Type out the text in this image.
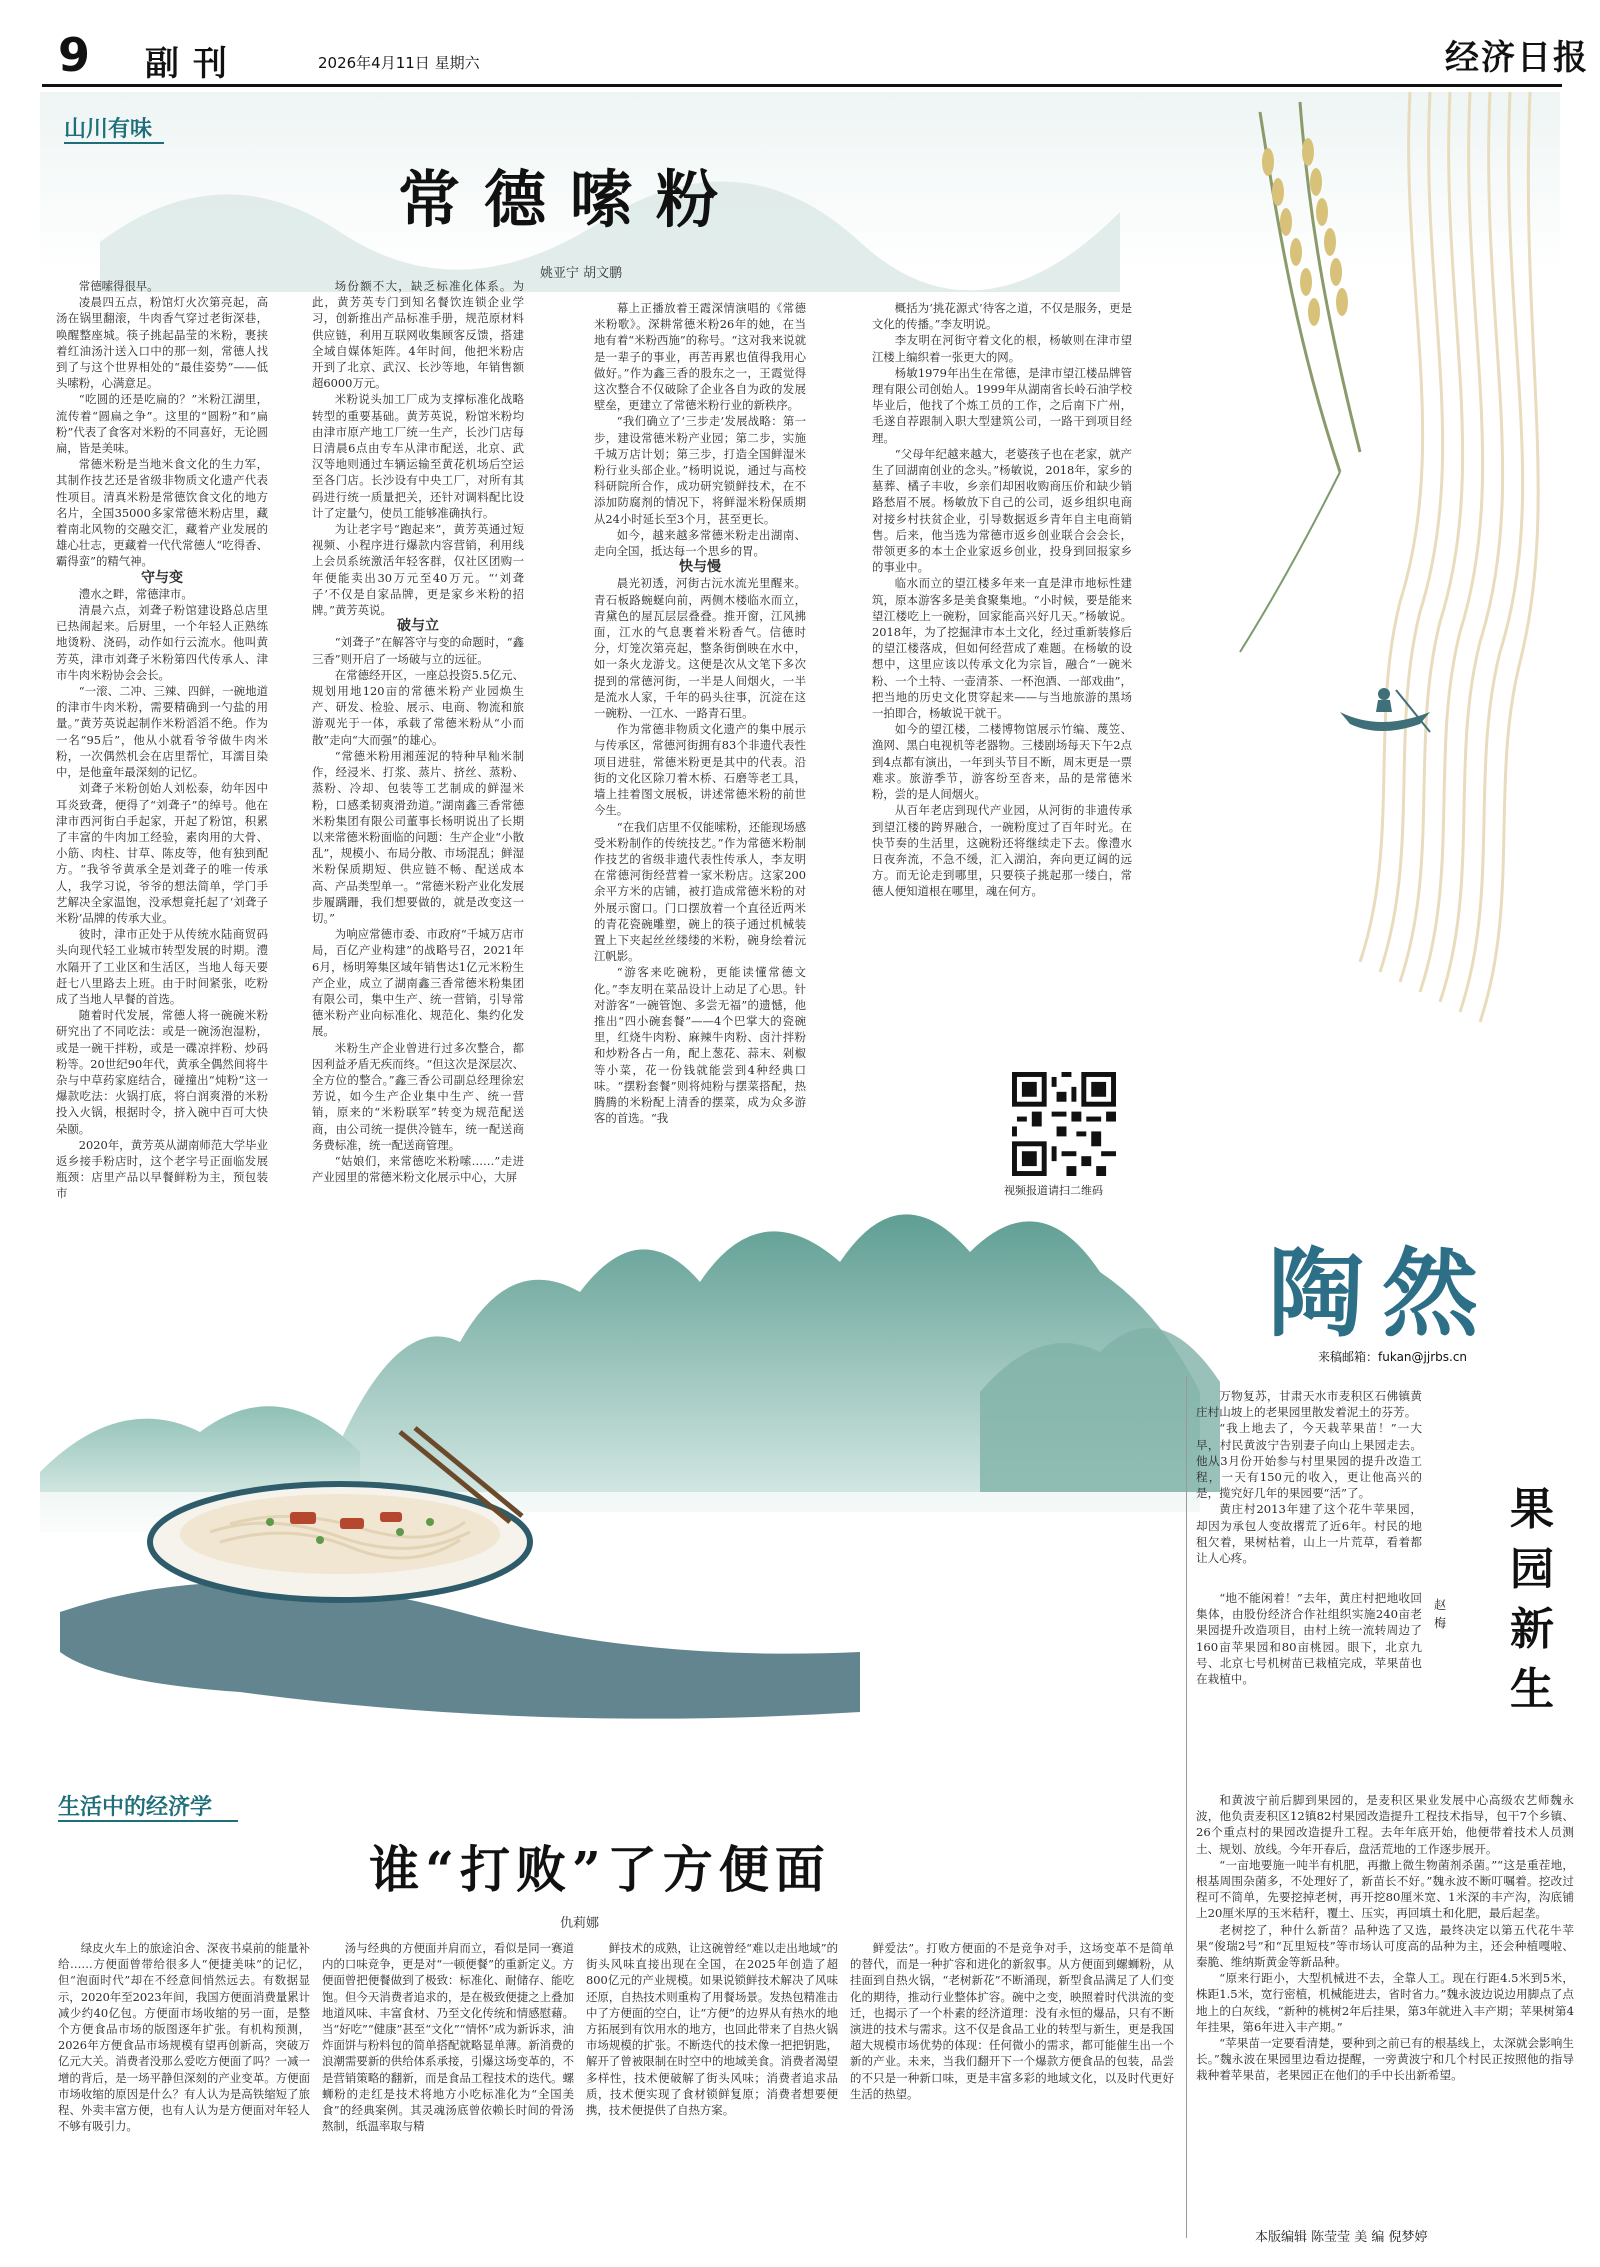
9 副刊	2026年4月11日 星期六	经济日报
山川有味
常德嗦粉
姚亚宁 胡文鹏

常德嗦得很早。

凌晨四五点，粉馆灯火次第亮起，高汤在锅里翻滚，牛肉香气穿过老街深巷，唤醒整座城。筷子挑起晶莹的米粉，裹挟着红油汤汁送入口中的那一刻，常德人找到了与这个世界相处的“最佳姿势”——低头嗦粉，心满意足。

“吃圆的还是吃扁的？”米粉江湖里，流传着“圆扁之争”。这里的“圆粉”和“扁粉”代表了食客对米粉的不同喜好，无论圆扁，皆是美味。

常德米粉是当地米食文化的生力军，其制作技艺还是省级非物质文化遗产代表性项目。清真米粉是常德饮食文化的地方名片，全国35000多家常德米粉店里，藏着南北风物的交融交汇，藏着产业发展的雄心壮志，更藏着一代代常德人“吃得香、霸得蛮”的精气神。

守与变

澧水之畔，常德津市。

清晨六点，刘聋子粉馆建设路总店里已热闹起来。后厨里，一个年轻人正熟练地烫粉、浇码，动作如行云流水。他叫黄芳英，津市刘聋子米粉第四代传承人、津市牛肉米粉协会会长。

“一滚、二冲、三辣、四鲜，一碗地道的津市牛肉米粉，需要精确到一勺盐的用量。”黄芳英说起制作米粉滔滔不绝。作为一名“95后”，他从小就看爷爷做牛肉米粉，一次偶然机会在店里帮忙，耳濡目染中，是他童年最深刻的记忆。

刘聋子米粉创始人刘松泰，幼年因中耳炎致聋，便得了“刘聋子”的绰号。他在津市西河街白手起家，开起了粉馆，积累了丰富的牛肉加工经验，素肉用的大骨、小筋、肉柱、甘草、陈皮等，他有独到配方。“我爷爷黄承全是刘聋子的唯一传承人，我学习说，爷爷的想法简单，学门手艺解决全家温饱，没承想竟托起了‘刘聋子米粉’品牌的传承大业。

彼时，津市正处于从传统水陆商贸码头向现代轻工业城市转型发展的时期。澧水隔开了工业区和生活区，当地人每天要赶七八里路去上班。由于时间紧张，吃粉成了当地人早餐的首选。

随着时代发展，常德人将一碗碗米粉研究出了不同吃法：或是一碗汤泡湿粉，或是一碗干拌粉，或是一碟凉拌粉、炒码粉等。20世纪90年代，黄承全偶然间将牛杂与中草药家庭结合，碰撞出“炖粉”这一爆款吃法：火锅打底，将白润爽滑的米粉投入火锅，根据时令，挤入碗中百可大快朵颐。

2020年，黄芳英从湖南师范大学毕业返乡接手粉店时，这个老字号正面临发展瓶颈：店里产品以早餐鲜粉为主，预包装市

场份额不大，缺乏标准化体系。为此，黄芳英专门到知名餐饮连锁企业学习，创新推出产品标准手册，规范原材料供应链，利用互联网收集顾客反馈，搭建全域自媒体矩阵。4年时间，他把米粉店开到了北京、武汉、长沙等地，年销售额超6000万元。

米粉说头加工厂成为支撑标准化战略转型的重要基础。黄芳英说，粉馆米粉均由津市原产地工厂统一生产，长沙门店每日清晨6点由专车从津市配送，北京、武汉等地则通过车辆运输至黄花机场后空运至各门店。长沙设有中央工厂，对所有其码进行统一质量把关，还针对调料配比设计了定量勺，使员工能够准确执行。

为让老字号“跑起来”，黄芳英通过短视频、小程序进行爆款内容营销，利用线上会员系统激活年轻客群，仅社区团购一年便能卖出30万元至40万元。“‘刘聋子’不仅是自家品牌，更是家乡米粉的招牌。”黄芳英说。

破与立

“刘聋子”在解答守与变的命题时，“鑫三香”则开启了一场破与立的远征。

在常德经开区，一座总投资5.5亿元、规划用地120亩的常德米粉产业园焕生产、研发、检验、展示、电商、物流和旅游观光于一体，承载了常德米粉从“小而散”走向“大而强”的雄心。

“常德米粉用湘莲泥的特种早籼米制作，经浸米、打浆、蒸片、挤丝、蒸粉、蒸粉、冷却、包装等工艺制成的鲜湿米粉，口感柔韧爽滑劲道。”湖南鑫三香常德米粉集团有限公司董事长杨明说出了长期以来常德米粉面临的问题：生产企业“小散乱”，规模小、布局分散、市场混乱；鲜湿米粉保质期短、供应链不畅、配送成本高、产品类型单一。“常德米粉产业化发展步履蹒跚，我们想要做的，就是改变这一切。”

为响应常德市委、市政府“千城万店市局，百亿产业构建”的战略号召，2021年6月，杨明筹集区域年销售达1亿元米粉生产企业，成立了湖南鑫三香常德米粉集团有限公司，集中生产、统一营销，引导常德米粉产业向标准化、规范化、集约化发展。

米粉生产企业曾进行过多次整合，都因利益矛盾无疾而终。“但这次是深层次、全方位的整合。”鑫三香公司副总经理徐宏芳说，如今生产企业集中生产、统一营销，原来的“米粉联军”转变为规范配送商，由公司统一提供冷链车，统一配送商务费标准，统一配送商管理。

“姑娘们，来常德吃米粉嗦……”走进产业园里的常德米粉文化展示中心，大屏

幕上正播放着王霞深情演唱的《常德米粉歌》。深耕常德米粉26年的她，在当地有着“米粉西施”的称号。“这对我来说就是一辈子的事业，再苦再累也值得我用心做好。”作为鑫三香的股东之一，王霞觉得这次整合不仅破除了企业各自为政的发展壁垒，更建立了常德米粉行业的新秩序。

“我们确立了‘三步走’发展战略：第一步，建设常德米粉产业园；第二步，实施千城万店计划；第三步，打造全国鲜湿米粉行业头部企业。”杨明说说，通过与高校科研院所合作，成功研究锁鲜技术，在不添加防腐剂的情况下，将鲜湿米粉保质期从24小时延长至3个月，甚至更长。

如今，越来越多常德米粉走出湖南、走向全国，抵达每一个思乡的胃。

快与慢

晨光初透，河街古沅水流光里醒来。青石板路蜿蜒向前，两侧木楼临水而立，青黛色的屋瓦层层叠叠。推开窗，江风拂面，江水的气息裹着米粉香气。信德时分，灯笼次第亮起，整条街倒映在水中，如一条火龙游戈。这便是次从文笔下多次提到的常德河街，一半是人间烟火，一半是流水人家，千年的码头往事，沉淀在这一碗粉、一江水、一路青石里。

作为常德非物质文化遗产的集中展示与传承区，常德河街拥有83个非遗代表性项目进驻，常德米粉更是其中的代表。沿街的文化区除刀着木桥、石磨等老工具，墙上挂着图文展板，讲述常德米粉的前世今生。

“在我们店里不仅能嗦粉，还能现场感受米粉制作的传统技艺。”作为常德米粉制作技艺的省级非遗代表性传承人，李友明在常德河街经营着一家米粉店。这家200余平方米的店铺，被打造成常德米粉的对外展示窗口。门口摆放着一个直径近两米的青花瓷碗雕塑，碗上的筷子通过机械装置上下夹起丝丝缕缕的米粉，碗身绘着沅江帆影。

“游客来吃碗粉，更能读懂常德文化。”李友明在菜品设计上动足了心思。针对游客“一碗管饱、多尝无福”的遗憾，他推出“四小碗套餐”——4个巴掌大的瓷碗里，红烧牛肉粉、麻辣牛肉粉、卤汁拌粉和炒粉各占一角，配上葱花、蒜末、剁椒等小菜，花一份钱就能尝到4种经典口味。“摆粉套餐”则将炖粉与摆菜搭配，热腾腾的米粉配上清香的摆菜，成为众多游客的首选。“我

概括为‘挑花源式’待客之道，不仅是服务，更是文化的传播。”李友明说。

李友明在河街守着文化的根，杨敏则在津市望江楼上编织着一张更大的网。

杨敏1979年出生在常德，是津市望江楼品牌管理有限公司创始人。1999年从湖南省长岭石油学校毕业后，他找了个炼工员的工作，之后南下广州，毛遂自荐跟制入职大型建筑公司，一路干到项目经理。

“父母年纪越来越大，老婆孩子也在老家，就产生了回湖南创业的念头。”杨敏说，2018年，家乡的墓葬、橘子丰收，乡亲们却困收购商压价和缺少销路愁眉不展。杨敏放下自己的公司，返乡组织电商对接乡村扶贫企业，引导数据返乡青年自主电商销售。后来，他当选为常德市返乡创业联合会会长，带领更多的本土企业家返乡创业，投身到回报家乡的事业中。

临水而立的望江楼多年来一直是津市地标性建筑，原本游客多是美食聚集地。“小时候，要是能来望江楼吃上一碗粉，回家能高兴好几天。”杨敏说。2018年，为了挖掘津市本土文化，经过重新装修后的望江楼落成，但如何经营成了难题。在杨敏的设想中，这里应该以传承文化为宗旨，融合“一碗米粉、一个土特、一壶清茶、一杯泡酒、一部戏曲”，把当地的历史文化贯穿起来——与当地旅游的黑场一拍即合，杨敏说干就干。

如今的望江楼，二楼博物馆展示竹编、蔑笠、渔网、黑白电视机等老器物。三楼剧场每天下午2点到4点都有演出，一年到头节目不断，周末更是一票难求。旅游季节，游客纷至沓来，品的是常德米粉，尝的是人间烟火。

从百年老店到现代产业园，从河街的非遗传承到望江楼的跨界融合，一碗粉度过了百年时光。在快节奏的生活里，这碗粉还将继续走下去。像澧水日夜奔流，不急不缓，汇入湖泊，奔向更辽阔的远方。而无论走到哪里，只要筷子挑起那一缕白，常德人便知道根在哪里，魂在何方。

视频报道请扫二维码
陶然
来稿邮箱：fukan@jjrbs.cn
果园新生
赵梅

万物复苏，甘肃天水市麦积区石佛镇黄庄村山坡上的老果园里散发着泥土的芬芳。

“我上地去了，今天栽苹果苗！”一大早，村民黄波宁告别妻子向山上果园走去。他从3月份开始参与村里果园的提升改造工程，一天有150元的收入，更让他高兴的是，揽究好几年的果园要“活”了。

黄庄村2013年建了这个花牛苹果园，却因为承包人变故撂荒了近6年。村民的地租欠着，果树枯着，山上一片荒草，看着都让人心疼。

“地不能闲着！”去年，黄庄村把地收回集体，由股份经济合作社组织实施240亩老果园提升改造项目，由村上统一流转周边了160亩苹果园和80亩桃园。眼下，北京九号、北京七号机树苗已栽植完成，苹果苗也在栽植中。

和黄波宁前后脚到果园的，是麦积区果业发展中心高级农艺师魏永波，他负责麦积区12镇82村果园改造提升工程技术指导，包干7个乡镇、26个重点村的果园改造提升工程。去年年底开始，他便带着技术人员测土、规划、放线。今年开春后，盘活荒地的工作逐步展开。

“一亩地要施一吨半有机肥，再撒上微生物菌剂杀菌。”“这是重茬地，根基周围杂菌多，不处理好了，新苗长不好。”魏永波不断叮嘱着。挖改过程可不简单，先要挖掉老树，再开挖80厘米宽、1米深的丰产沟，沟底铺上20厘米厚的玉米秸秆，覆土、压实，再回填土和化肥，最后起垄。

老树挖了，种什么新苗？品种选了又选，最终决定以第五代花牛苹果“俊瑞2号”和“瓦里短枝”等市场认可度高的品种为主，还会种植嘎啦、秦脆、维纳斯黄金等新品种。

“原来行距小，大型机械进不去，全靠人工。现在行距4.5米到5米，株距1.5米，宽行密植，机械能进去，省时省力。”魏永波边说边用脚点了点地上的白灰线，“新种的桃树2年后挂果，第3年就进入丰产期；苹果树第4年挂果，第6年进入丰产期。”

“苹果苗一定要看清楚，要种到之前已有的根基线上，太深就会影响生长。”魏永波在果园里边看边提醒，一旁黄波宁和几个村民正按照他的指导栽种着苹果苗，老果园正在他们的手中长出新希望。

生活中的经济学
谁“打败”了方便面
仇莉娜

绿皮火车上的旅途泊舍、深夜书桌前的能量补给……方便面曾带给很多人“便捷美味”的记忆，但“泡面时代”却在不经意间悄然远去。有数据显示，2020年至2023年间，我国方便面消费量累计减少约40亿包。方便面市场收缩的另一面，是整个方便食品市场的版图逐年扩张。有机构预测，2026年方便食品市场规模有望再创新高，突破万亿元大关。消费者没那么爱吃方便面了吗？一减一增的背后，是一场平静但深刻的产业变革。方便面市场收缩的原因是什么？有人认为是高铁缩短了旅程、外卖丰富方便，也有人认为是方便面对年轻人不够有吸引力。

汤与经典的方便面并肩而立，看似是同一赛道内的口味竞争，更是对“一顿便餐”的重新定义。方便面曾把便餐做到了极致：标准化、耐储存、能吃饱。但今天消费者追求的，是在极致便捷之上叠加地道风味、丰富食材、乃至文化传统和情感慰藉。当“好吃”“健康”甚至“文化”“情怀”成为新诉求，油炸面饼与粉料包的简单搭配就略显单薄。新消费的浪潮需要新的供给体系承接，引爆这场变革的，不是营销策略的翻新，而是食品工程技术的迭代。螺蛳粉的走红是技术将地方小吃标准化为“全国美食”的经典案例。其灵魂汤底曾依赖长时间的骨汤熬制，纸温率取与精

鲜技术的成熟，让这碗曾经“难以走出地域”的街头风味直接出现在全国，在2025年创造了超800亿元的产业规模。如果说锁鲜技术解决了风味还原，自热技术则重构了用餐场景。发热包精准击中了方便面的空白，让“方便”的边界从有热水的地方拓展到有饮用水的地方，也回此带来了自热火锅市场规模的扩张。不断迭代的技术像一把把钥匙，解开了曾被限制在时空中的地域美食。消费者渴望多样性，技术便破解了街头风味；消费者追求品质，技术便实现了食材锁鲜复原；消费者想要便携，技术便提供了自热方案。

鲜爱法”。打败方便面的不是竞争对手，这场变革不是简单的替代，而是一种扩容和进化的新叙事。从方便面到螺蛳粉，从挂面到自热火锅，“老树新花”不断涌现，新型食品满足了人们变化的期待，推动行业整体扩容。碗中之变，映照着时代洪流的变迁，也揭示了一个朴素的经济道理：没有永恒的爆品，只有不断演进的技术与需求。这不仅是食品工业的转型与新生，更是我国超大规模市场优势的体现：任何微小的需求，都可能催生出一个新的产业。未来，当我们翻开下一个爆款方便食品的包装，品尝的不只是一种新口味，更是丰富多彩的地域文化，以及时代更好生活的热望。

本版编辑 陈莹莹 美 编 倪梦婷
